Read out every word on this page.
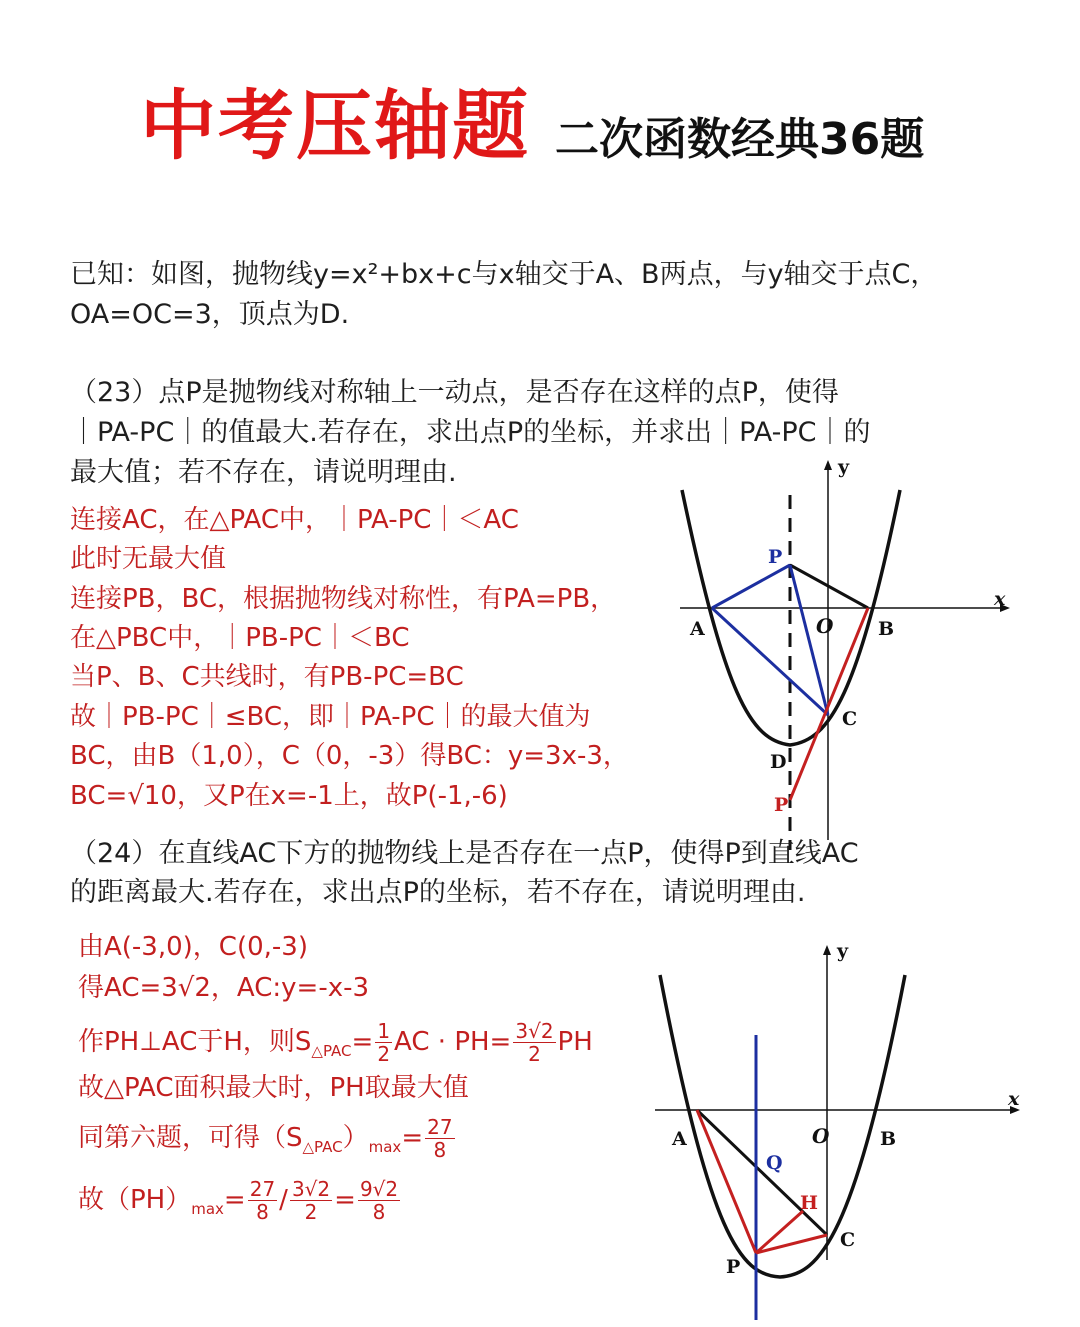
中考压轴题 二次函数经典36题
已知：如图，抛物线y=x²+bx+c与x轴交于A、B两点，与y轴交于点C，
OA=OC=3，顶点为D.
（23）点P是抛物线对称轴上一动点，是否存在这样的点P，使得
｜PA-PC｜的值最大.若存在，求出点P的坐标，并求出｜PA-PC｜的
最大值；若不存在，请说明理由.
连接AC，在△PAC中，｜PA-PC｜＜AC
此时无最大值
连接PB，BC，根据抛物线对称性，有PA=PB，
在△PBC中，｜PB-PC｜＜BC
当P、B、C共线时，有PB-PC=BC
故｜PB-PC｜≤BC，即｜PA-PC｜的最大值为
BC，由B（1,0），C（0，-3）得BC：y=3x-3，
BC=√10，又P在x=-1上，故P(-1,-6)
y
x
P
A	O B
C
D
P
（24）在直线AC下方的抛物线上是否存在一点P，使得P到直线AC
的距离最大.若存在，求出点P的坐标，若不存在，请说明理由.
由A(-3,0)，C(0,-3)
得AC=3√2，AC:y=-x-3
作PH⊥AC于H，则$S_{\triangle PAC}= \frac{1}{2}$ AC · $PH= \frac{3√2}{2}$ PH
故△PAC面积最大时，PH取最大值
同第六题，可得$(S_{\triangle PAC})_{max}= \frac{27}{8}$
故$(PH)_{max}= \frac{27}{8} / \frac{3√2}{2} = \frac{9√2}{8}$
y
x
A	O	B
Q
H
C
P
